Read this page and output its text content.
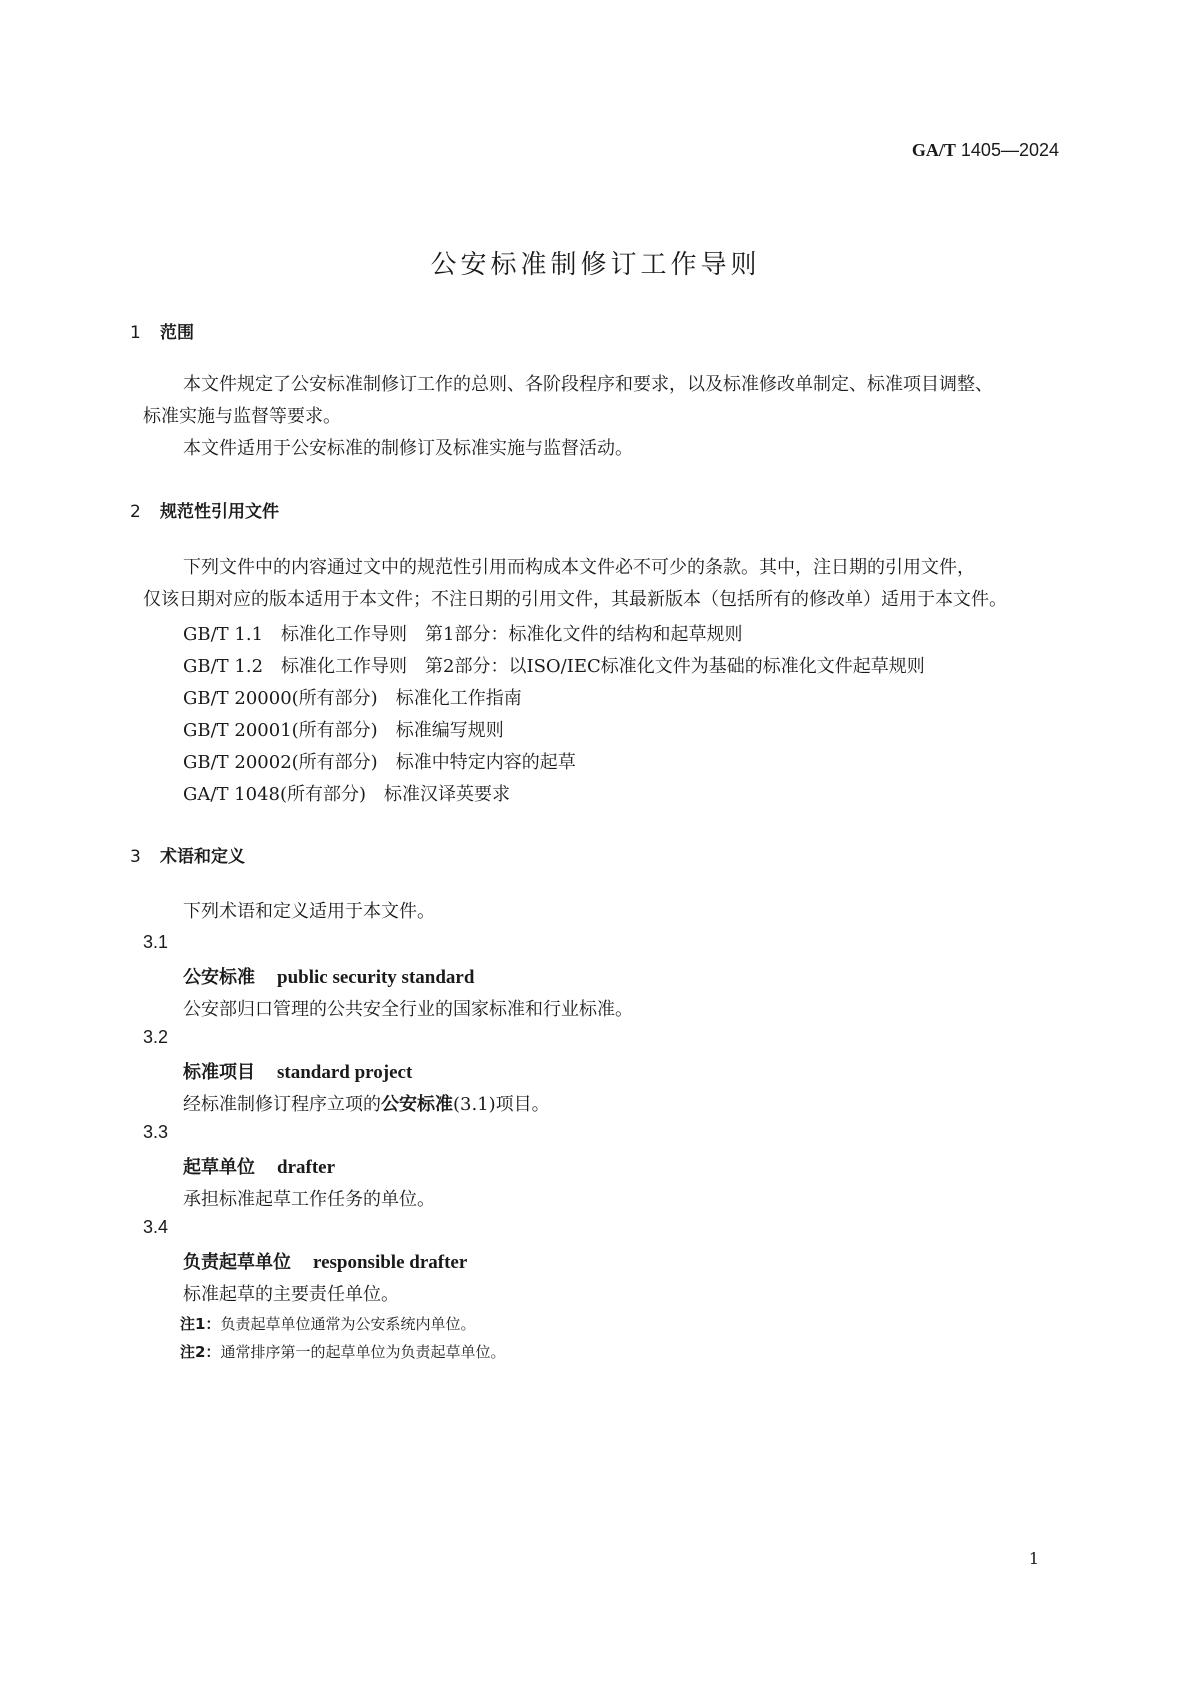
GA/T 1405—2024
公安标准制修订工作导则
1 范围
本文件规定了公安标准制修订工作的总则、各阶段程序和要求，以及标准修改单制定、标准项目调整、
标准实施与监督等要求。
本文件适用于公安标准的制修订及标准实施与监督活动。
2 规范性引用文件
下列文件中的内容通过文中的规范性引用而构成本文件必不可少的条款。其中，注日期的引用文件，
仅该日期对应的版本适用于本文件；不注日期的引用文件，其最新版本（包括所有的修改单）适用于本文件。
GB/T 1.1 标准化工作导则　第1部分：标准化文件的结构和起草规则
GB/T 1.2 标准化工作导则　第2部分：以ISO/IEC标准化文件为基础的标准化文件起草规则
GB/T 20000(所有部分) 标准化工作指南
GB/T 20001(所有部分) 标准编写规则
GB/T 20002(所有部分) 标准中特定内容的起草
GA/T 1048(所有部分) 标准汉译英要求
3 术语和定义
下列术语和定义适用于本文件。
3.1
公安标准 public security standard
公安部归口管理的公共安全行业的国家标准和行业标准。
3.2
标准项目 standard project
经标准制修订程序立项的公安标准(3.1)项目。
3.3
起草单位 drafter
承担标准起草工作任务的单位。
3.4
负责起草单位 responsible drafter
标准起草的主要责任单位。
注1：负责起草单位通常为公安系统内单位。
注2：通常排序第一的起草单位为负责起草单位。
1
